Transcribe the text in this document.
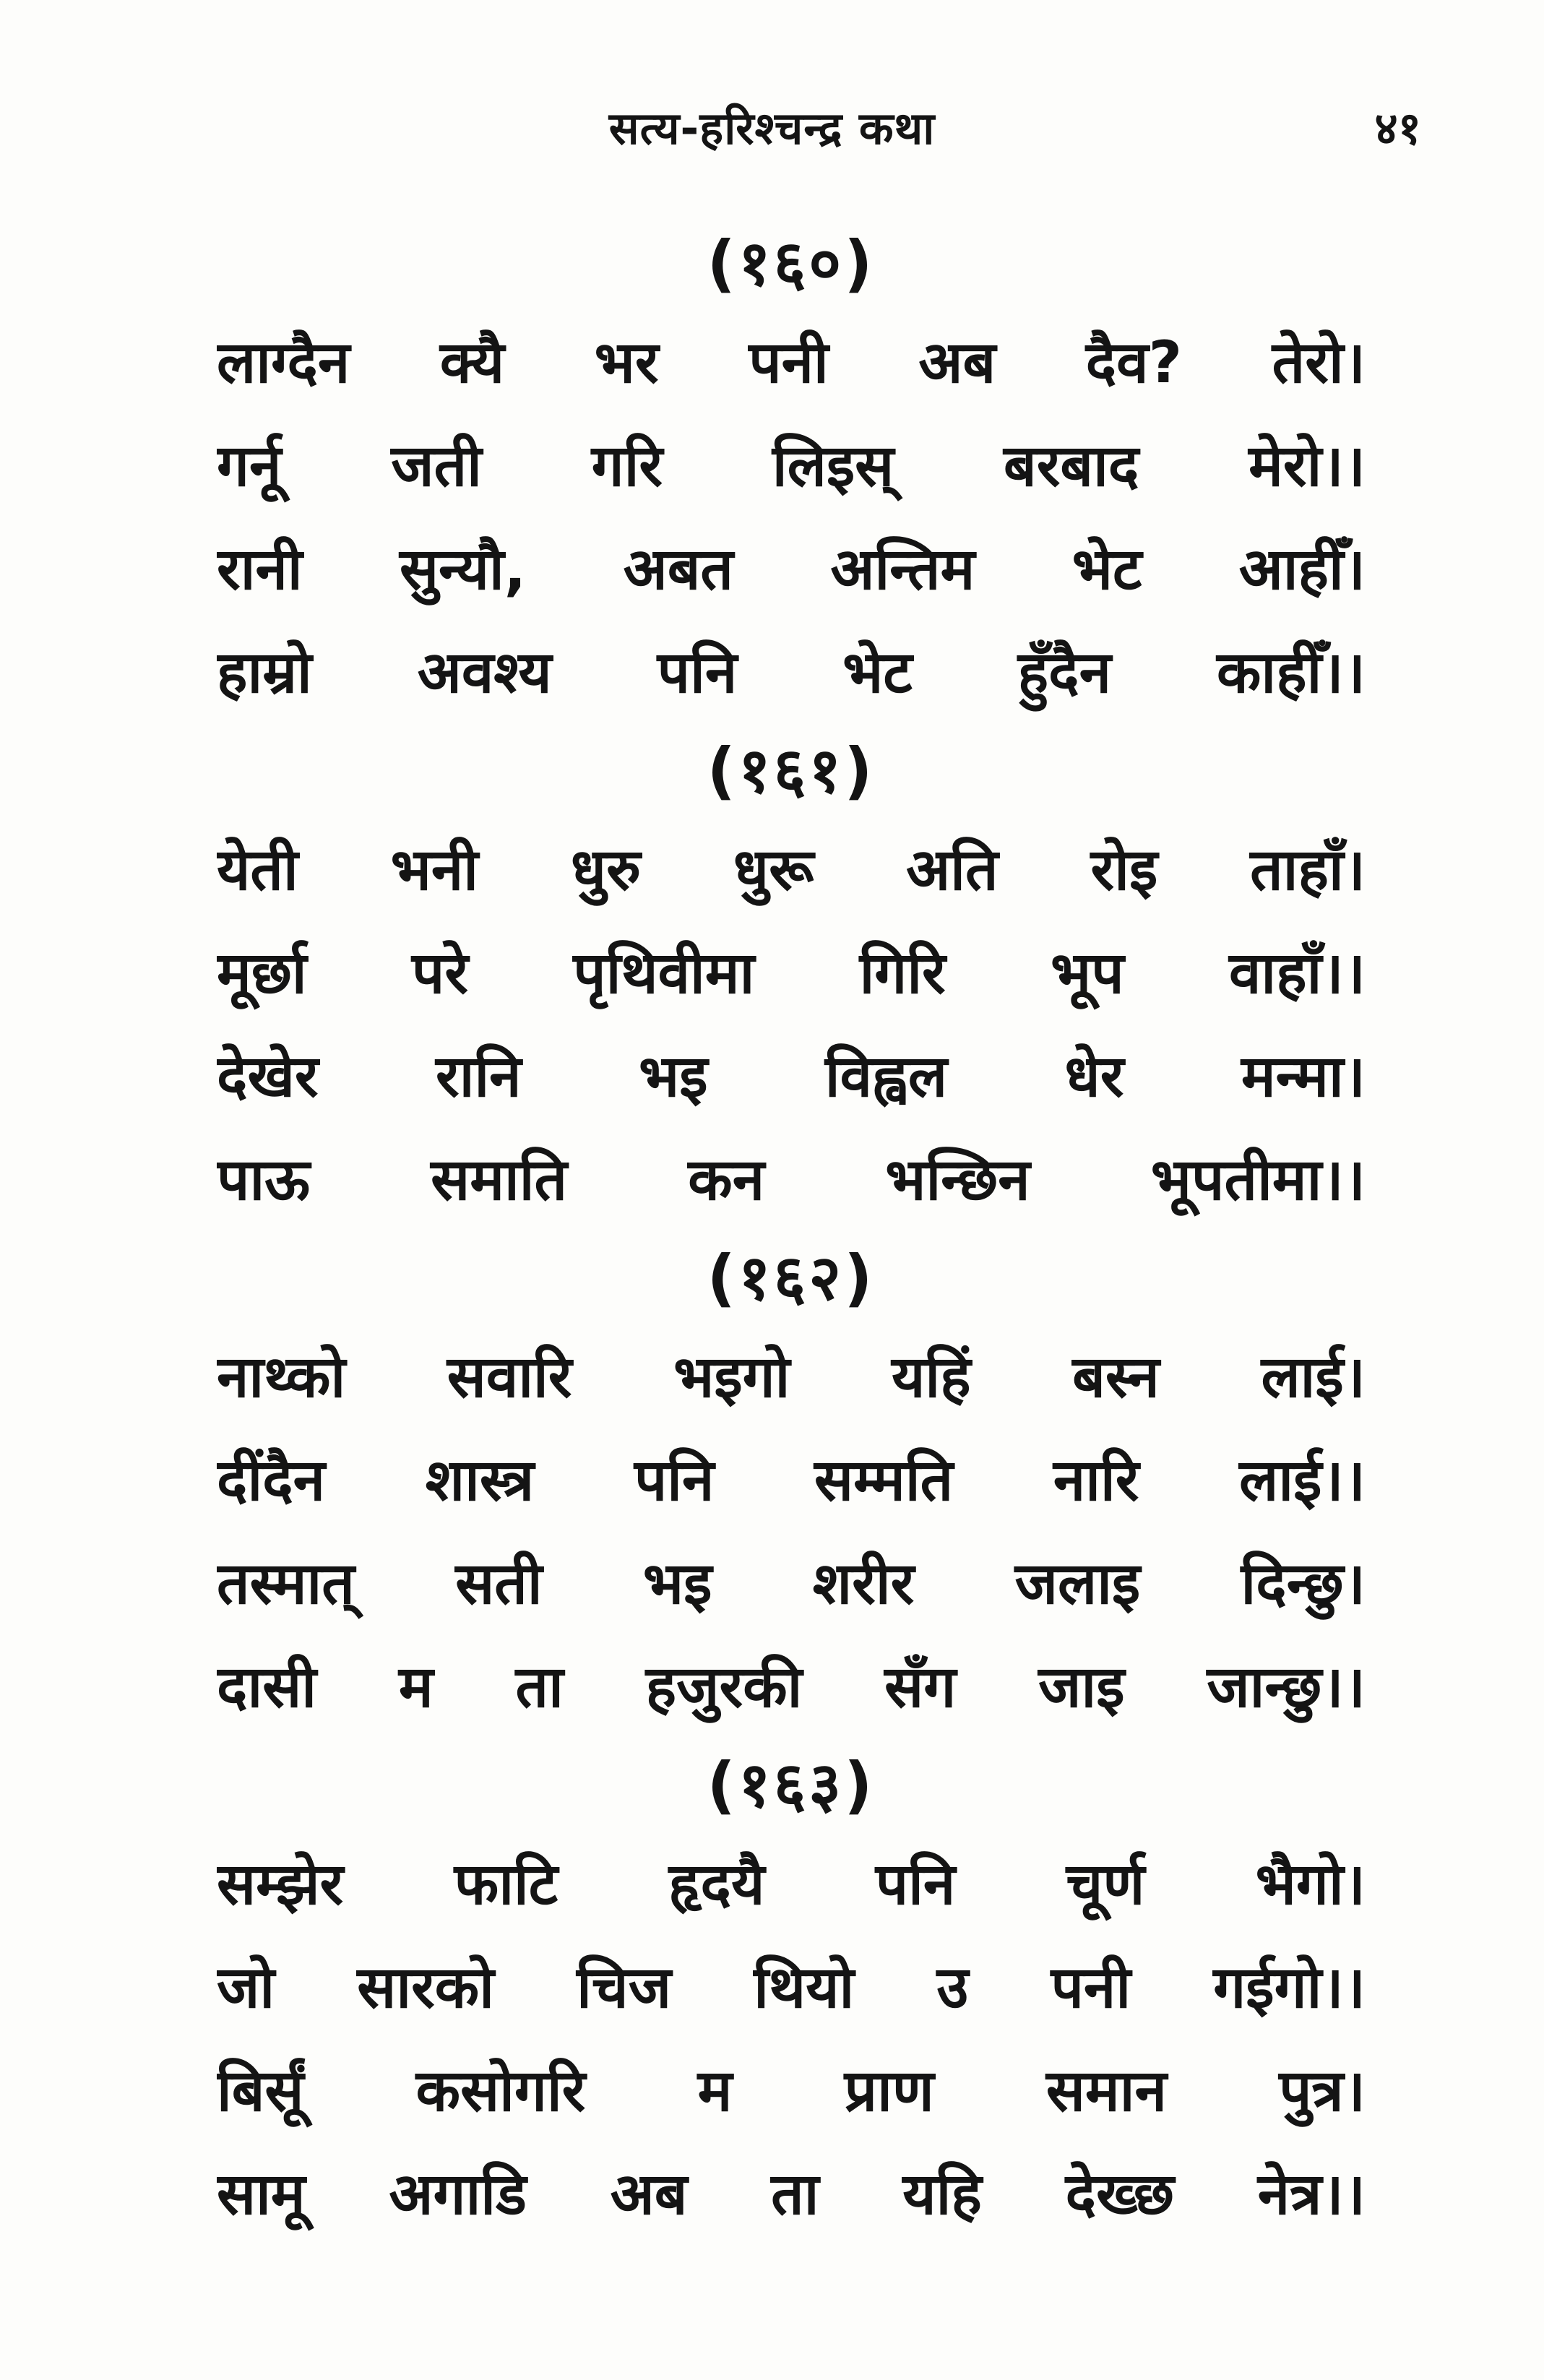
सत्य-हरिश्चन्द्र कथा	४१
(१६०)
लाग्दैन क्यै भर पनी अब दैव? तेरो।
गर्नू जती गरि लिइस् बरबाद मेरो।।
रानी सुन्यौ, अबत अन्तिम भेट आहीँ।
हाम्रो अवश्य पनि भेट हुँदैन काहीँ।।
(१६१)
येती भनी धुरु धुरू अति रोइ ताहाँ।
मूर्छा परे पृथिवीमा गिरि भूप वाहाँ।।
देखेर रानि भइ विह्वल धेर मन्मा।
पाऊ समाति कन भन्छिन भूपतीमा।।
(१६२)
नाथ्को सवारि भइगो यहिं बस्न लाई।
दींदैन शास्त्र पनि सम्मति नारि लाई।।
तस्मात् सती भइ शरीर जलाइ दिन्छु।
दासी म ता हजुरकी सँग जाइ जान्छु।।
(१६३)
सम्झेर फाटि हृदयै पनि चूर्ण भैगो।
जो सारको चिज थियो उ पनी गईगो।।
बिर्सूं कसोगरि म प्राण समान पुत्र।
सामू अगाडि अब ता यहि देख्छ नेत्र।।
